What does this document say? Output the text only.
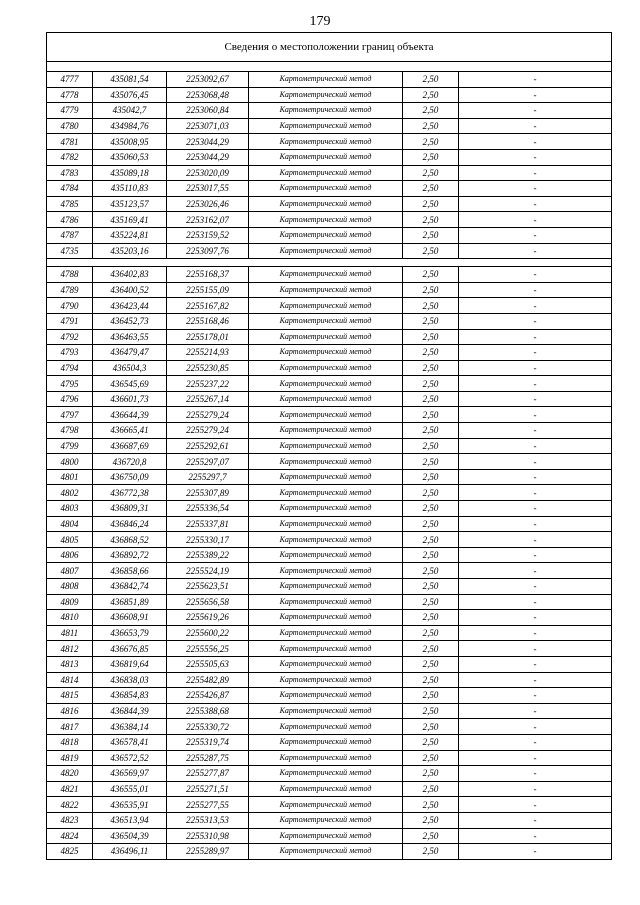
179
Сведения о местоположении границ объекта					

4777	435081,54	2253092,67	Картометрический метод	2,50	-
4778	435076,45	2253068,48	Картометрический метод	2,50	-
4779	435042,7	2253060,84	Картометрический метод	2,50	-
4780	434984,76	2253071,03	Картометрический метод	2,50	-
4781	435008,95	2253044,29	Картометрический метод	2,50	-
4782	435060,53	2253044,29	Картометрический метод	2,50	-
4783	435089,18	2253020,09	Картометрический метод	2,50	-
4784	435110,83	2253017,55	Картометрический метод	2,50	-
4785	435123,57	2253026,46	Картометрический метод	2,50	-
4786	435169,41	2253162,07	Картометрический метод	2,50	-
4787	435224,81	2253159,52	Картометрический метод	2,50	-
4735	435203,16	2253097,76	Картометрический метод	2,50	-

4788	436402,83	2255168,37	Картометрический метод	2,50	-
4789	436400,52	2255155,09	Картометрический метод	2,50	-
4790	436423,44	2255167,82	Картометрический метод	2,50	-
4791	436452,73	2255168,46	Картометрический метод	2,50	-
4792	436463,55	2255178,01	Картометрический метод	2,50	-
4793	436479,47	2255214,93	Картометрический метод	2,50	-
4794	436504,3	2255230,85	Картометрический метод	2,50	-
4795	436545,69	2255237,22	Картометрический метод	2,50	-
4796	436601,73	2255267,14	Картометрический метод	2,50	-
4797	436644,39	2255279,24	Картометрический метод	2,50	-
4798	436665,41	2255279,24	Картометрический метод	2,50	-
4799	436687,69	2255292,61	Картометрический метод	2,50	-
4800	436720,8	2255297,07	Картометрический метод	2,50	-
4801	436750,09	2255297,7	Картометрический метод	2,50	-
4802	436772,38	2255307,89	Картометрический метод	2,50	-
4803	436809,31	2255336,54	Картометрический метод	2,50	-
4804	436846,24	2255337,81	Картометрический метод	2,50	-
4805	436868,52	2255330,17	Картометрический метод	2,50	-
4806	436892,72	2255389,22	Картометрический метод	2,50	-
4807	436858,66	2255524,19	Картометрический метод	2,50	-
4808	436842,74	2255623,51	Картометрический метод	2,50	-
4809	436851,89	2255656,58	Картометрический метод	2,50	-
4810	436608,91	2255619,26	Картометрический метод	2,50	-
4811	436653,79	2255600,22	Картометрический метод	2,50	-
4812	436676,85	2255556,25	Картометрический метод	2,50	-
4813	436819,64	2255505,63	Картометрический метод	2,50	-
4814	436838,03	2255482,89	Картометрический метод	2,50	-
4815	436854,83	2255426,87	Картометрический метод	2,50	-
4816	436844,39	2255388,68	Картометрический метод	2,50	-
4817	436384,14	2255330,72	Картометрический метод	2,50	-
4818	436578,41	2255319,74	Картометрический метод	2,50	-
4819	436572,52	2255287,75	Картометрический метод	2,50	-
4820	436569,97	2255277,87	Картометрический метод	2,50	-
4821	436555,01	2255271,51	Картометрический метод	2,50	-
4822	436535,91	2255277,55	Картометрический метод	2,50	-
4823	436513,94	2255313,53	Картометрический метод	2,50	-
4824	436504,39	2255310,98	Картометрический метод	2,50	-
4825	436496,11	2255289,97	Картометрический метод	2,50	-
